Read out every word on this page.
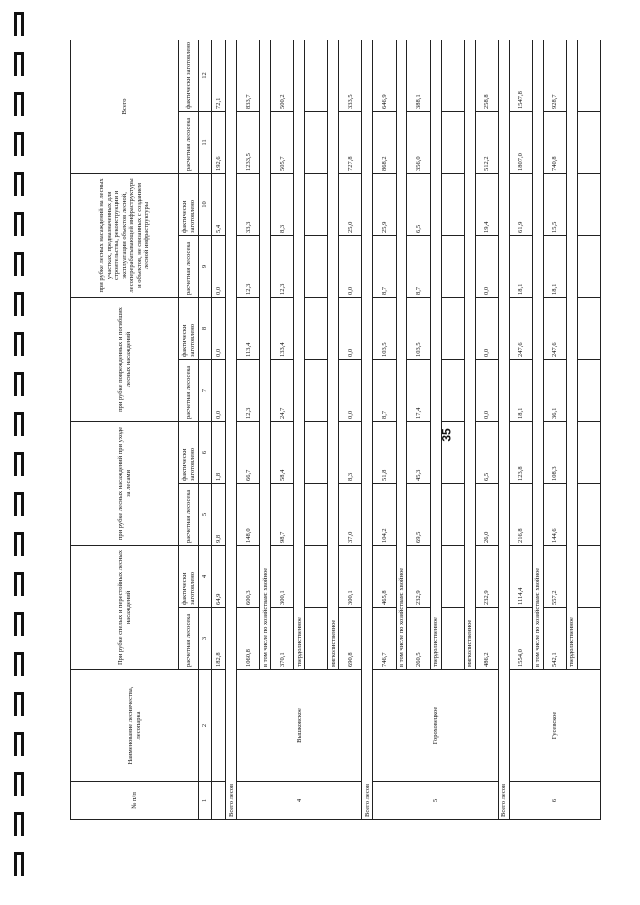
№ п/п	Наименование лесничества, лесопарка	При рубке спелых и перестойных лесных насаждений		при рубке лесных насаждений при уходе за лесами		при рубке поврежденных и погибших лесных насаждений		при рубке лесных насаждений на лесных участках, предназначенных для строительства, реконструкции и эксплуатации объектов лесной, лесоперерабатывающей инфраструктуры и объектов, не связанных с созданием лесной инфраструктуры		Всего	
		расчетная лесосека	фактически заготовлено	расчетная лесосека	фактически заготовлено	расчетная лесосека	фактически заготовлено	расчетная лесосека	фактически заготовлено	расчетная лесосека	фактически заготовлено
1	2	3	4	5	6	7	8	9	10	11	12
		182,8	64,9	9,8	1,8	0,0	0,0	0,0	5,4	192,6	72,1
Всего лесов											
4	Вышковское	1060,8	600,3	148,0	66,7	12,3	113,4	12,3	33,3	1233,5	833,7
		в том числе по хозяйствам: хвойное									
		370,1	300,1	98,7	58,4	24,7	133,4	12,3	8,3	505,7	500,2
		твердолиственное									

		мягколиственное									
		690,8	300,1	37,0	8,3	0,0	0,0	0,0	25,0	727,8	333,5
Всего лесов											
5	Гороховецкое	746,7	465,8	104,2	51,8	8,7	103,5	8,7	25,9	868,2	646,9
		в том числе по хозяйствам: хвойное									
		260,5	232,9	69,5	45,3	17,4	103,5	8,7	6,5	356,0	388,1
		твердолиственное									

		мягколиственное									
		486,2	232,9	26,0	6,5	0,0	0,0	0,0	19,4	512,2	258,8
Всего лесов											
6	Гусевское	1554,0	1114,4	216,8	123,8	18,1	247,6	18,1	61,9	1807,0	1547,8
		в том числе по хозяйствам: хвойное									
		542,1	557,2	144,6	108,3	36,1	247,6	18,1	15,5	740,8	928,7
		твердолиственное									

35
